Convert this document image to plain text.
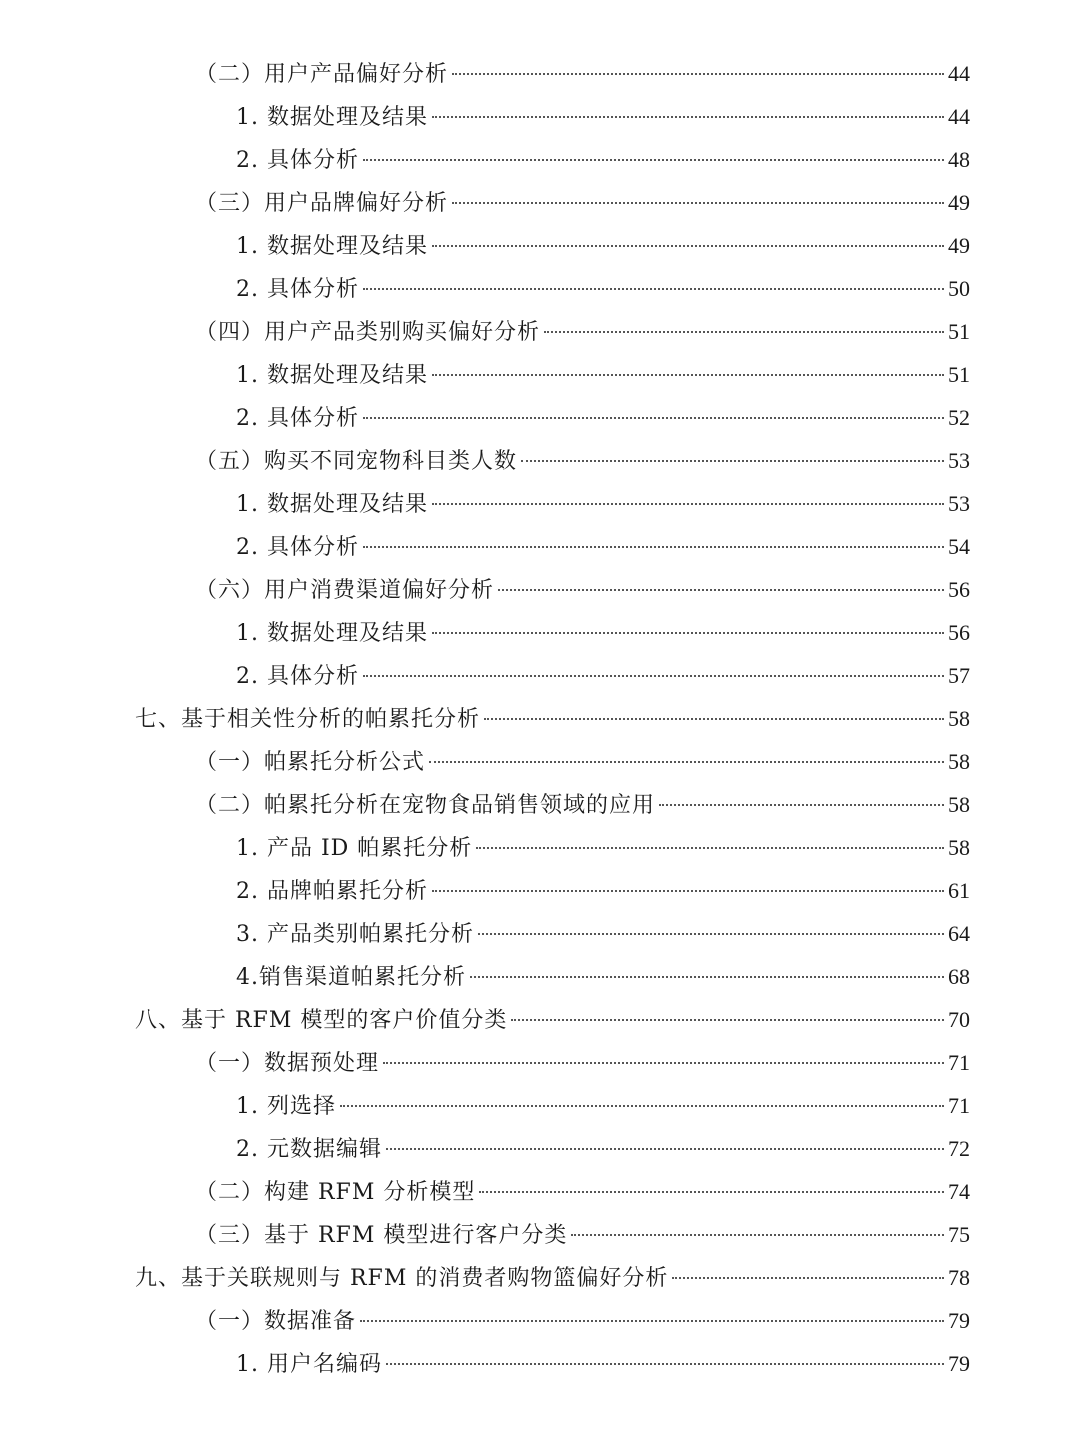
（二）用户产品偏好分析	44
1. 数据处理及结果	44
2. 具体分析	48
（三）用户品牌偏好分析	49
1. 数据处理及结果	49
2. 具体分析	50
（四）用户产品类别购买偏好分析	51
1. 数据处理及结果	51
2. 具体分析	52
（五）购买不同宠物科目类人数	53
1. 数据处理及结果	53
2. 具体分析	54
（六）用户消费渠道偏好分析	56
1. 数据处理及结果	56
2. 具体分析	57
七、基于相关性分析的帕累托分析	58
（一）帕累托分析公式	58
（二）帕累托分析在宠物食品销售领域的应用	58
1. 产品 ID 帕累托分析	58
2. 品牌帕累托分析	61
3. 产品类别帕累托分析	64
4.销售渠道帕累托分析	68
八、基于 RFM 模型的客户价值分类	70
（一）数据预处理	71
1. 列选择	71
2. 元数据编辑	72
（二）构建 RFM 分析模型	74
（三）基于 RFM 模型进行客户分类	75
九、基于关联规则与 RFM 的消费者购物篮偏好分析	78
（一）数据准备	79
1. 用户名编码	79
